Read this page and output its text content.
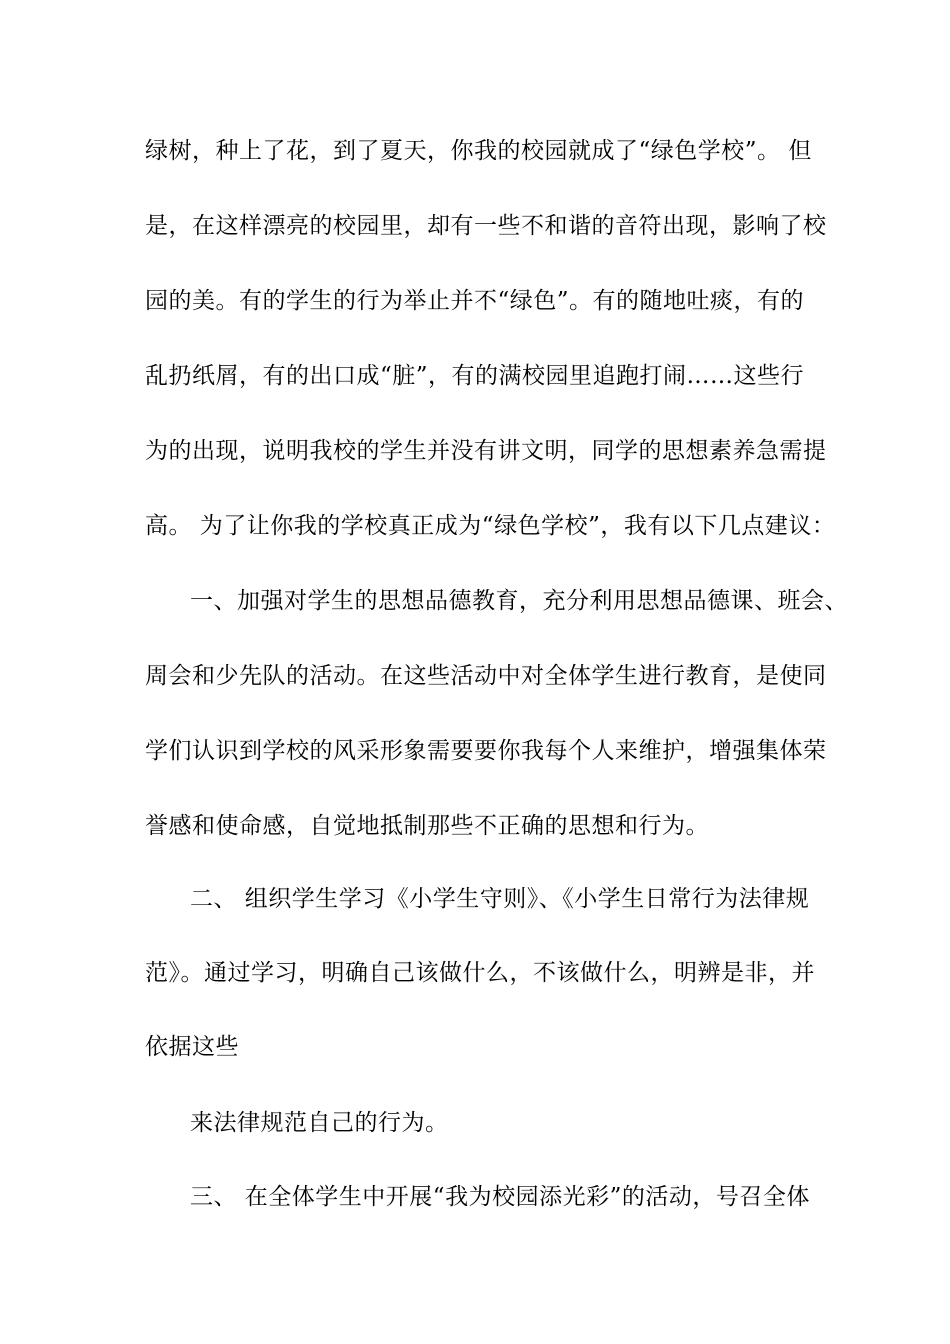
绿树，种上了花，到了夏天，你我的校园就成了“绿色学校”。 但
是，在这样漂亮的校园里，却有一些不和谐的音符出现，影响了校
园的美。有的学生的行为举止并不“绿色”。有的随地吐痰，有的
乱扔纸屑，有的出口成“脏”，有的满校园里追跑打闹……这些行
为的出现，说明我校的学生并没有讲文明，同学的思想素养急需提
高。 为了让你我的学校真正成为“绿色学校”，我有以下几点建议：
一、加强对学生的思想品德教育，充分利用思想品德课、班会、
周会和少先队的活动。在这些活动中对全体学生进行教育，是使同
学们认识到学校的风采形象需要要你我每个人来维护，增强集体荣
誉感和使命感，自觉地抵制那些不正确的思想和行为。
二、 组织学生学习《小学生守则》、《小学生日常行为法律规
范》。通过学习，明确自己该做什么，不该做什么，明辨是非，并
依据这些
来法律规范自己的行为。
三、 在全体学生中开展“我为校园添光彩”的活动，号召全体
